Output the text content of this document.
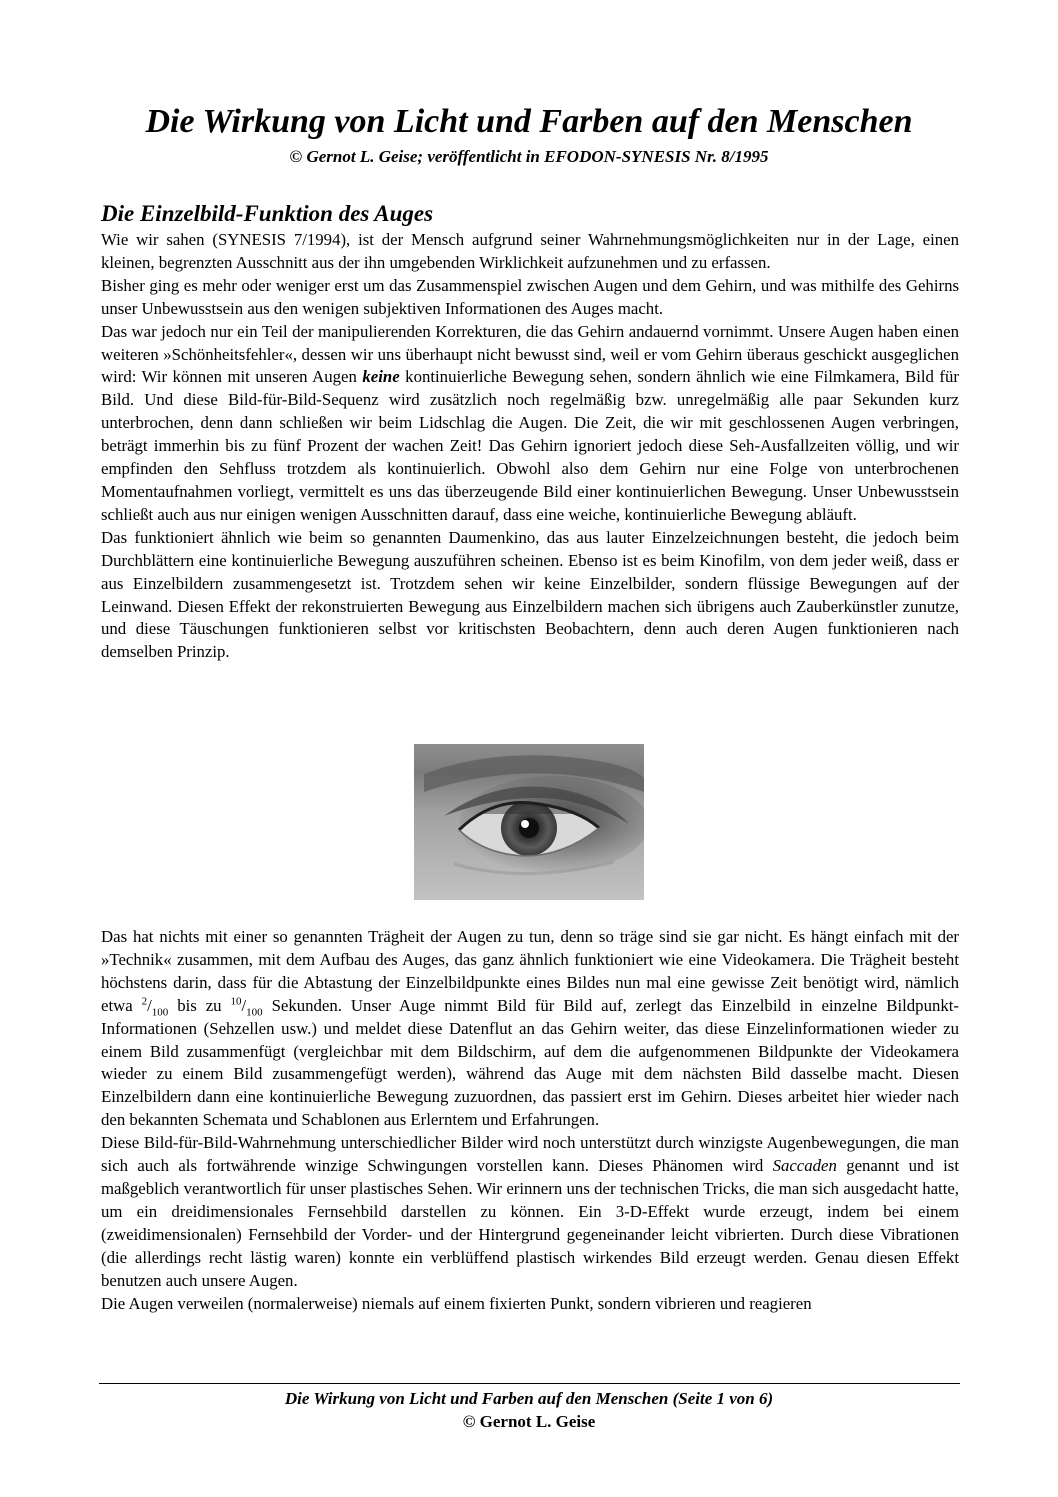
Die Wirkung von Licht und Farben auf den Menschen
© Gernot L. Geise; veröffentlicht in EFODON-SYNESIS Nr. 8/1995
Die Einzelbild-Funktion des Auges

Wie wir sahen (SYNESIS 7/1994), ist der Mensch aufgrund seiner Wahrnehmungsmöglichkeiten nur in der Lage, einen kleinen, begrenzten Ausschnitt aus der ihn umgebenden Wirklichkeit aufzunehmen und zu erfassen.

Bisher ging es mehr oder weniger erst um das Zusammenspiel zwischen Augen und dem Gehirn, und was mithilfe des Gehirns unser Unbewusstsein aus den wenigen subjektiven Informationen des Auges macht.

Das war jedoch nur ein Teil der manipulierenden Korrekturen, die das Gehirn andauernd vornimmt. Unsere Augen haben einen weiteren »Schönheitsfehler«, dessen wir uns überhaupt nicht bewusst sind, weil er vom Gehirn überaus geschickt ausgeglichen wird: Wir können mit unseren Augen keine kontinuierliche Bewegung sehen, sondern ähnlich wie eine Filmkamera, Bild für Bild. Und diese Bild-für-Bild-Sequenz wird zusätzlich noch regelmäßig bzw. unregelmäßig alle paar Sekunden kurz unterbrochen, denn dann schließen wir beim Lidschlag die Augen. Die Zeit, die wir mit geschlossenen Augen verbringen, beträgt immerhin bis zu fünf Prozent der wachen Zeit! Das Gehirn ignoriert jedoch diese Seh-Ausfallzeiten völlig, und wir empfinden den Sehfluss trotzdem als kontinuierlich. Obwohl also dem Gehirn nur eine Folge von unterbrochenen Momentaufnahmen vorliegt, vermittelt es uns das überzeugende Bild einer kontinuierlichen Bewegung. Unser Unbewusstsein schließt auch aus nur einigen wenigen Ausschnitten darauf, dass eine weiche, kontinuierliche Bewegung abläuft.

Das funktioniert ähnlich wie beim so genannten Daumenkino, das aus lauter Einzelzeichnungen besteht, die jedoch beim Durchblättern eine kontinuierliche Bewegung auszuführen scheinen. Ebenso ist es beim Kinofilm, von dem jeder weiß, dass er aus Einzelbildern zusammengesetzt ist. Trotzdem sehen wir keine Einzelbilder, sondern flüssige Bewegungen auf der Leinwand. Diesen Effekt der rekonstruierten Bewegung aus Einzelbildern machen sich übrigens auch Zauberkünstler zunutze, und diese Täuschungen funktionieren selbst vor kritischsten Beobachtern, denn auch deren Augen funktionieren nach demselben Prinzip.

Das hat nichts mit einer so genannten Trägheit der Augen zu tun, denn so träge sind sie gar nicht. Es hängt einfach mit der »Technik« zusammen, mit dem Aufbau des Auges, das ganz ähnlich funktioniert wie eine Videokamera. Die Trägheit besteht höchstens darin, dass für die Abtastung der Einzelbildpunkte eines Bildes nun mal eine gewisse Zeit benötigt wird, nämlich etwa $^2/_{100}$ bis zu $^{10}/_{100}$ Sekunden. Unser Auge nimmt Bild für Bild auf, zerlegt das Einzelbild in einzelne Bildpunkt-Informationen (Sehzellen usw.) und meldet diese Datenflut an das Gehirn weiter, das diese Einzelinformationen wieder zu einem Bild zusammenfügt (vergleichbar mit dem Bildschirm, auf dem die aufgenommenen Bildpunkte der Videokamera wieder zu einem Bild zusammengefügt werden), während das Auge mit dem nächsten Bild dasselbe macht. Diesen Einzelbildern dann eine kontinuierliche Bewegung zuzuordnen, das passiert erst im Gehirn. Dieses arbeitet hier wieder nach den bekannten Schemata und Schablonen aus Erlerntem und Erfahrungen.

Diese Bild-für-Bild-Wahrnehmung unterschiedlicher Bilder wird noch unterstützt durch winzigste Augenbewegungen, die man sich auch als fortwährende winzige Schwingungen vorstellen kann. Dieses Phänomen wird Saccaden genannt und ist maßgeblich verantwortlich für unser plastisches Sehen. Wir erinnern uns der technischen Tricks, die man sich ausgedacht hatte, um ein dreidimensionales Fernsehbild darstellen zu können. Ein 3-D-Effekt wurde erzeugt, indem bei einem (zweidimensionalen) Fernsehbild der Vorder- und der Hintergrund gegeneinander leicht vibrierten. Durch diese Vibrationen (die allerdings recht lästig waren) konnte ein verblüffend plastisch wirkendes Bild erzeugt werden. Genau diesen Effekt benutzen auch unsere Augen.

Die Augen verweilen (normalerweise) niemals auf einem fixierten Punkt, sondern vibrieren und reagieren

Die Wirkung von Licht und Farben auf den Menschen (Seite 1 von 6)
© Gernot L. Geise
